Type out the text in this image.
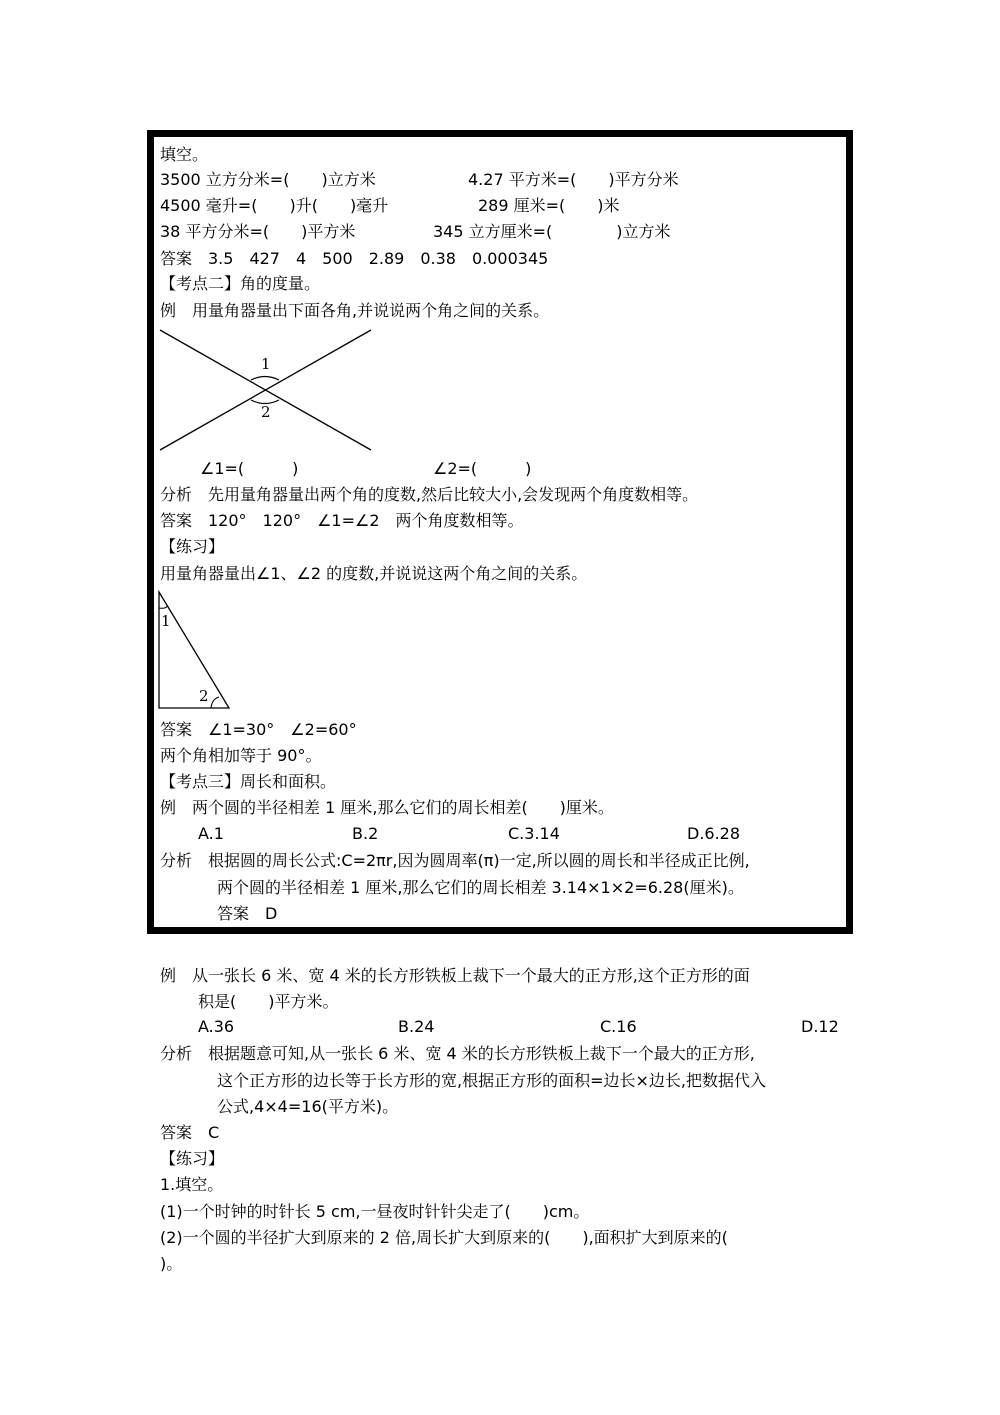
填空。
3500 立方分米=(　　)立方米	4.27 平方米=(　　)平方分米
4500 毫升=(　　)升(　　)毫升	289 厘米=(　　)米
38 平方分米=(　　)平方米	345 立方厘米=(　　　　)立方米
答案　3.5　427　4　500　2.89　0.38　0.000345
【考点二】角的度量。
例　用量角器量出下面各角,并说说两个角之间的关系。
1
2
∠1=(　　　)	∠2=(　　　)
分析　先用量角器量出两个角的度数,然后比较大小,会发现两个角度数相等。
答案　120°　120°　∠1=∠2　两个角度数相等。
【练习】
用量角器量出∠1、∠2 的度数,并说说这两个角之间的关系。
1
2
答案　∠1=30°　∠2=60°
两个角相加等于 90°。
【考点三】周长和面积。
例　两个圆的半径相差 1 厘米,那么它们的周长相差(　　)厘米。
A.1	B.2	C.3.14	D.6.28
分析　根据圆的周长公式:C=2πr,因为圆周率(π)一定,所以圆的周长和半径成正比例,
两个圆的半径相差 1 厘米,那么它们的周长相差 3.14×1×2=6.28(厘米)。
答案　D
例　从一张长 6 米、宽 4 米的长方形铁板上裁下一个最大的正方形,这个正方形的面
积是(　　)平方米。
A.36	B.24	C.16	D.12
分析　根据题意可知,从一张长 6 米、宽 4 米的长方形铁板上裁下一个最大的正方形,
这个正方形的边长等于长方形的宽,根据正方形的面积=边长×边长,把数据代入
公式,4×4=16(平方米)。
答案　C
【练习】
1.填空。
(1)一个时钟的时针长 5 cm,一昼夜时针针尖走了(　　)cm。
(2)一个圆的半径扩大到原来的 2 倍,周长扩大到原来的(　　),面积扩大到原来的(
)。
